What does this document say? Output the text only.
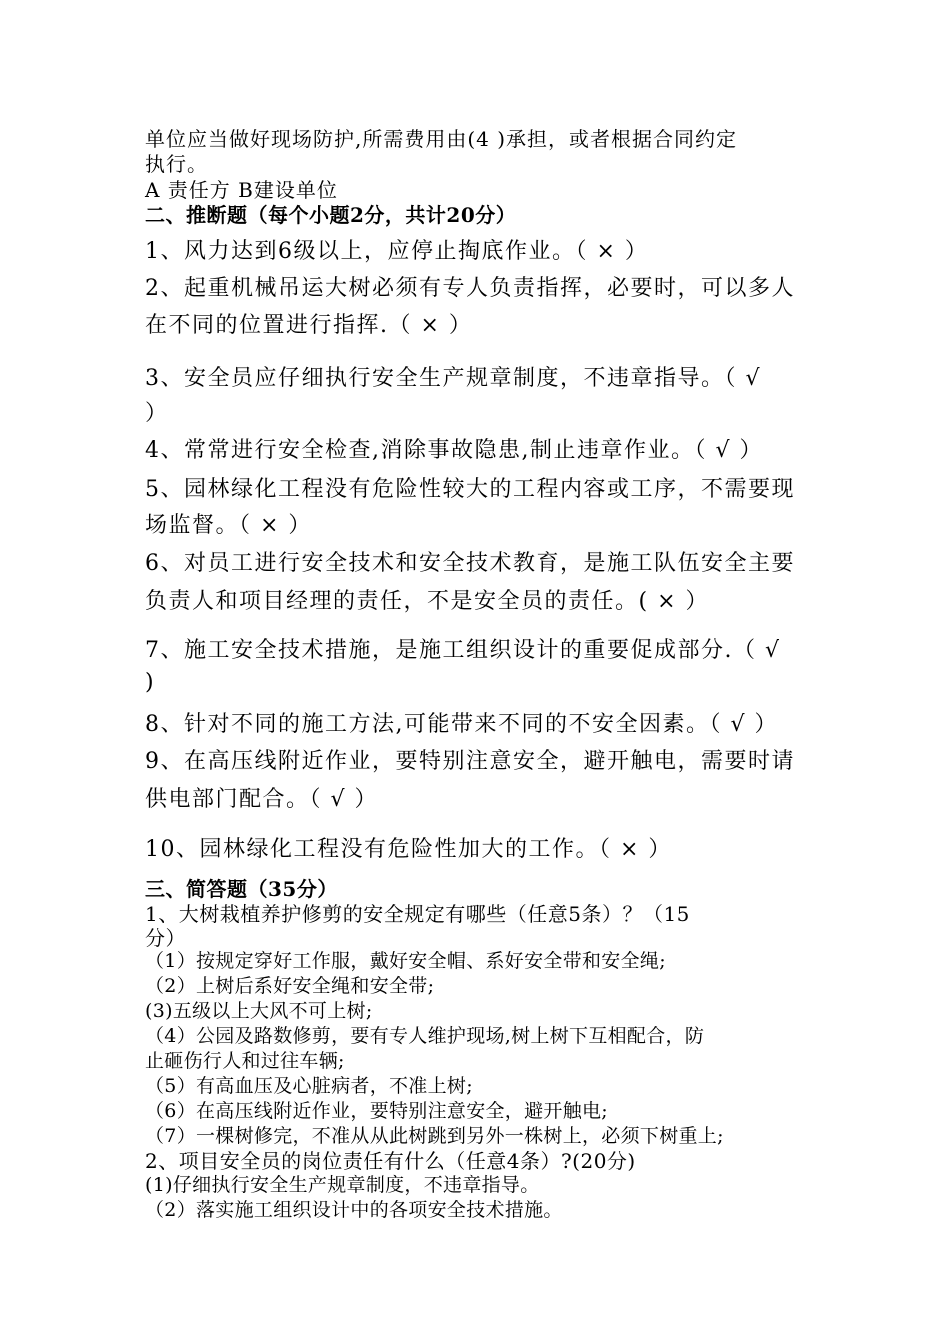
单位应当做好现场防护,所需费用由(4 )承担，或者根据合同约定
执行。
A 责任方 B建设单位
二、推断题（每个小题2分，共计20分）
1、风力达到6级以上，应停止掏底作业。（ × ）
2、起重机械吊运大树必须有专人负责指挥，必要时，可以多人
在不同的位置进行指挥.（ × ）
3、安全员应仔细执行安全生产规章制度，不违章指导。（ √
）
4、常常进行安全检查,消除事故隐患,制止违章作业。（ √ ）
5、园林绿化工程没有危险性较大的工程内容或工序，不需要现
场监督。（ × ）
6、对员工进行安全技术和安全技术教育，是施工队伍安全主要
负责人和项目经理的责任，不是安全员的责任。( × ）
7、施工安全技术措施，是施工组织设计的重要促成部分.（ √
)
8、针对不同的施工方法,可能带来不同的不安全因素。（ √ ）
9、在高压线附近作业，要特别注意安全，避开触电，需要时请
供电部门配合。（ √ ）
10、园林绿化工程没有危险性加大的工作。（ × ）
三、简答题（35分）
1、大树栽植养护修剪的安全规定有哪些（任意5条）？（15
分）
（1）按规定穿好工作服，戴好安全帽、系好安全带和安全绳;
（2）上树后系好安全绳和安全带;
(3)五级以上大风不可上树;
（4）公园及路数修剪，要有专人维护现场,树上树下互相配合，防
止砸伤行人和过往车辆;
（5）有高血压及心脏病者，不准上树;
（6）在高压线附近作业，要特别注意安全，避开触电;
（7）一棵树修完，不准从从此树跳到另外一株树上，必须下树重上;
2、项目安全员的岗位责任有什么（任意4条）?(20分)
(1)仔细执行安全生产规章制度，不违章指导。
（2）落实施工组织设计中的各项安全技术措施。
